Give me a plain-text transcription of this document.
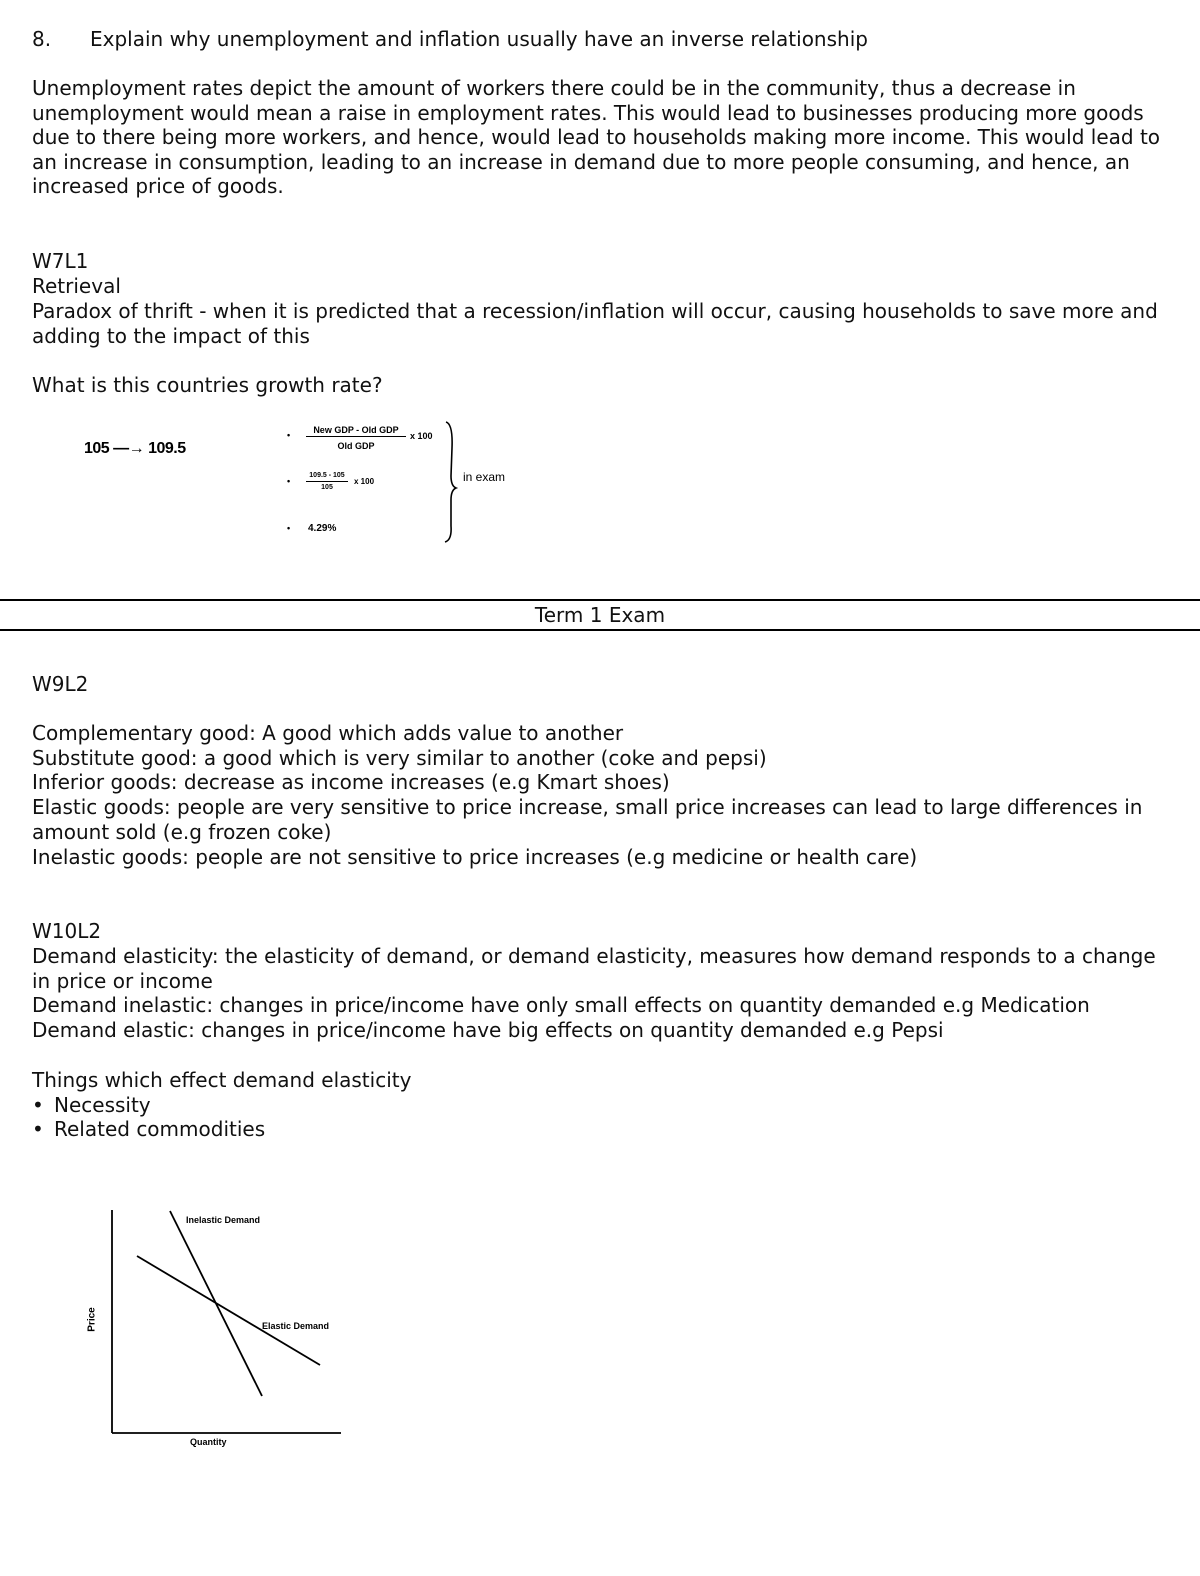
8. Explain why unemployment and inflation usually have an inverse relationship
Unemployment rates depict the amount of workers there could be in the community, thus a decrease in unemployment would mean a raise in employment rates. This would lead to businesses producing more goods due to there being more workers, and hence, would lead to households making more income. This would lead to an increase in consumption, leading to an increase in demand due to more people consuming, and hence, an increased price of goods.
W7L1
Retrieval
Paradox of thrift - when it is predicted that a recession/inflation will occur, causing households to save more and adding to the impact of this
What is this countries growth rate?
105 —→ 109.5
•	New GDP - Old GDP
Old GDP
x 100
•
109.5 - 105
105
x 100
• 4.29%
in exam
Term 1 Exam
W9L2
Complementary good: A good which adds value to another
Substitute good: a good which is very similar to another (coke and pepsi)
Inferior goods: decrease as income increases (e.g Kmart shoes)
Elastic goods: people are very sensitive to price increase, small price increases can lead to large differences in amount sold (e.g frozen coke)
Inelastic goods: people are not sensitive to price increases (e.g medicine or health care)
W10L2
Demand elasticity: the elasticity of demand, or demand elasticity, measures how demand responds to a change in price or income
Demand inelastic: changes in price/income have only small effects on quantity demanded e.g Medication
Demand elastic: changes in price/income have big effects on quantity demanded e.g Pepsi
Things which effect demand elasticity
• Necessity
• Related commodities
Inelastic Demand
Elastic Demand
Price
Quantity
